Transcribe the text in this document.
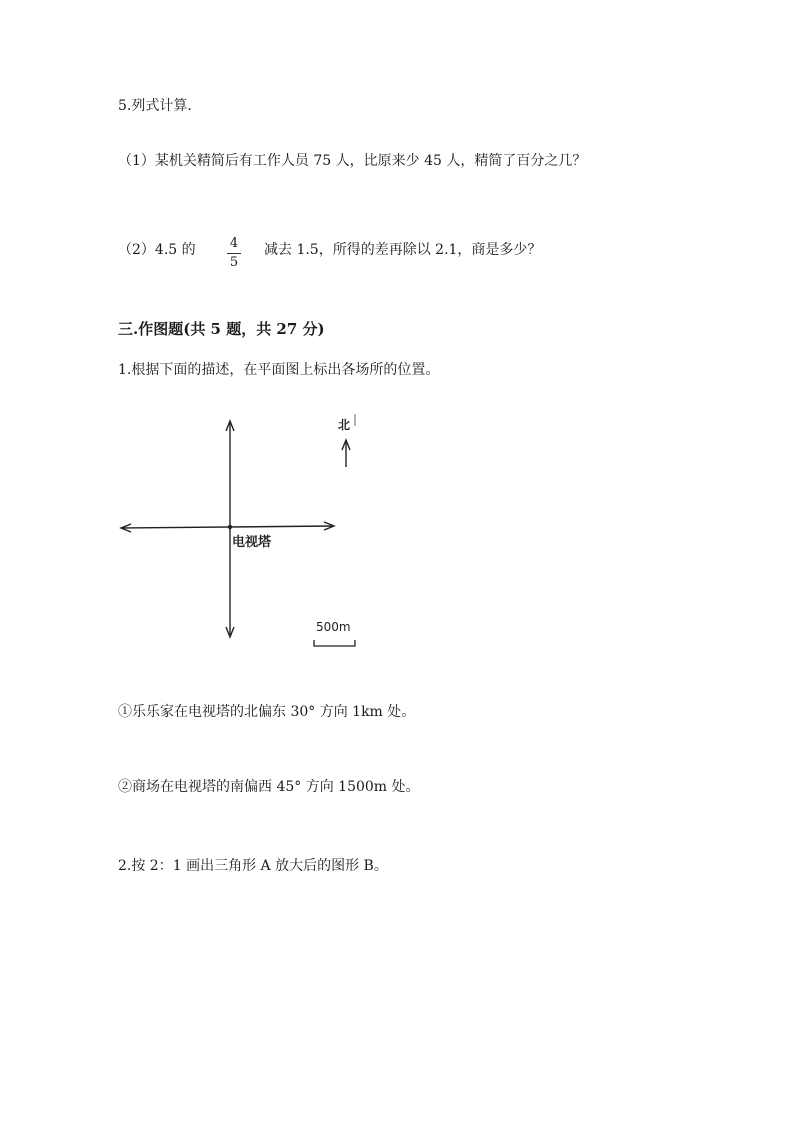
5.列式计算.
（1）某机关精简后有工作人员 75 人，比原来少 45 人，精简了百分之几？
（2）4.5 的	4
5
减去 1.5，所得的差再除以 2.1，商是多少？
三.作图题(共 5 题，共 27 分)
1.根据下面的描述，在平面图上标出各场所的位置。
电视塔
北
500m
①乐乐家在电视塔的北偏东 30° 方向 1km 处。
②商场在电视塔的南偏西 45° 方向 1500m 处。
2.按 2：1 画出三角形 A 放大后的图形 B。
